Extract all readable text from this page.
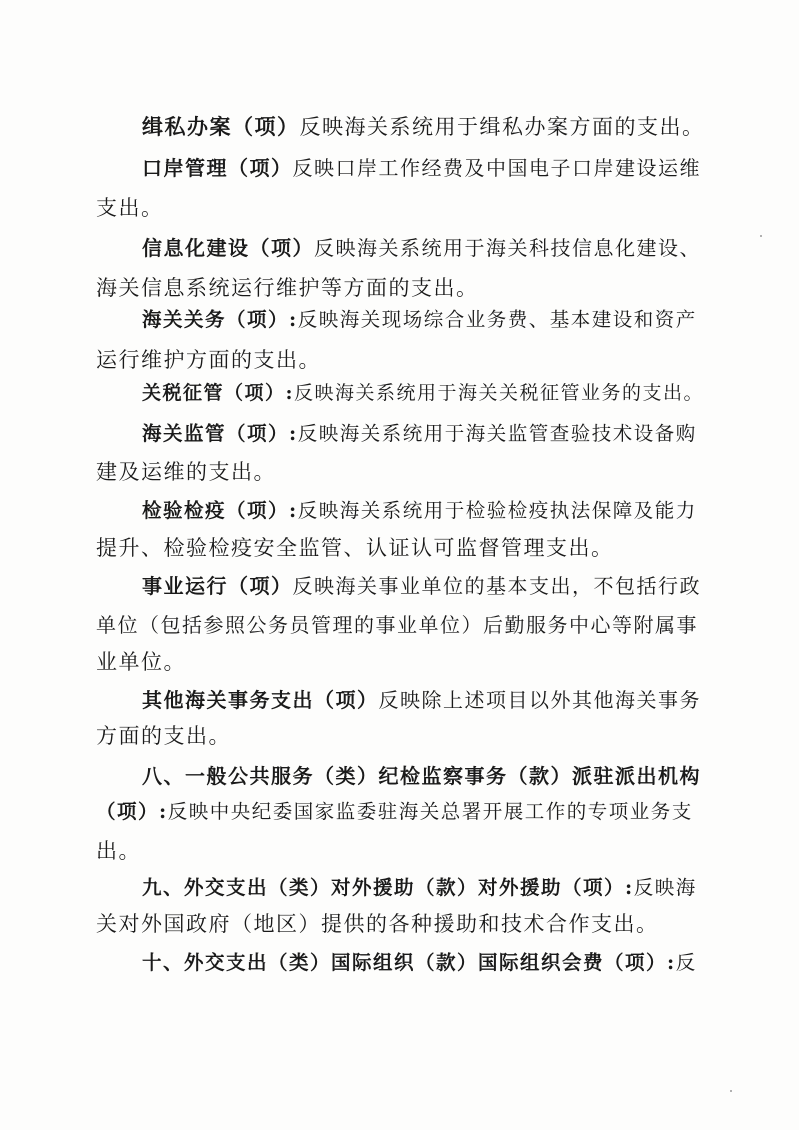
缉私办案（项）反映海关系统用于缉私办案方面的支出。
口岸管理（项）反映口岸工作经费及中国电子口岸建设运维
支出。
信息化建设（项）反映海关系统用于海关科技信息化建设、
海关信息系统运行维护等方面的支出。
海关关务（项）:反映海关现场综合业务费、基本建设和资产
运行维护方面的支出。
关税征管（项）:反映海关系统用于海关关税征管业务的支出。
海关监管（项）:反映海关系统用于海关监管查验技术设备购
建及运维的支出。
检验检疫（项）:反映海关系统用于检验检疫执法保障及能力
提升、检验检疫安全监管、认证认可监督管理支出。
事业运行（项）反映海关事业单位的基本支出，不包括行政
单位（包括参照公务员管理的事业单位）后勤服务中心等附属事
业单位。
其他海关事务支出（项）反映除上述项目以外其他海关事务
方面的支出。
八、一般公共服务（类）纪检监察事务（款）派驻派出机构
（项）:反映中央纪委国家监委驻海关总署开展工作的专项业务支
出。
九、外交支出（类）对外援助（款）对外援助（项）:反映海
关对外国政府（地区）提供的各种援助和技术合作支出。
十、外交支出（类）国际组织（款）国际组织会费（项）:反
